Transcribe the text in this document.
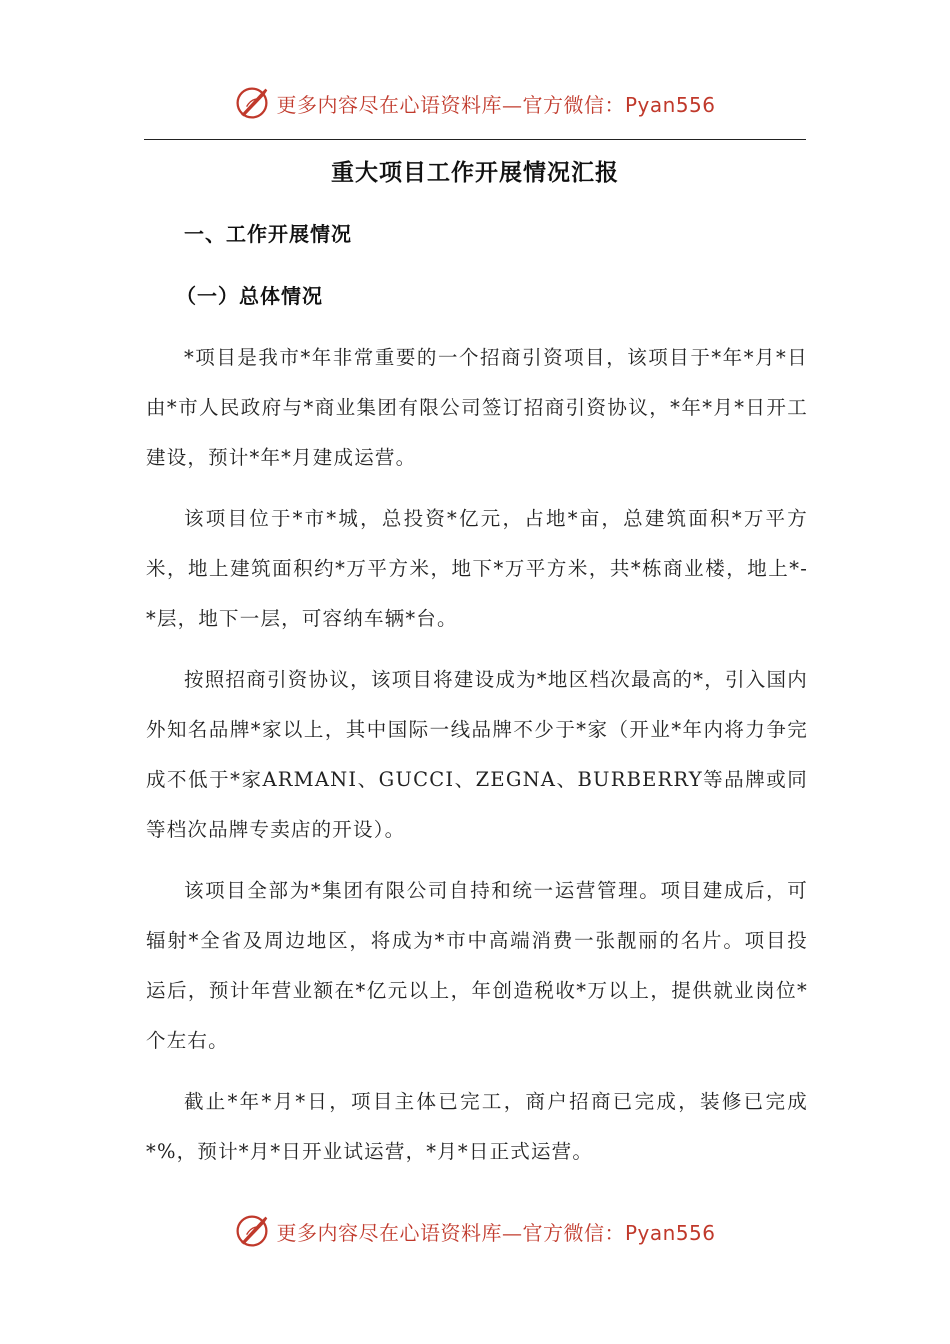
更多内容尽在心语资料库—官方微信：Pyan556
重大项目工作开展情况汇报
一、工作开展情况
（一）总体情况

*项目是我市*年非常重要的一个招商引资项目，该项目于*年*月*日由*市人民政府与*商业集团有限公司签订招商引资协议，*年*月*日开工建设，预计*年*月建成运营。

该项目位于*市*城，总投资*亿元，占地*亩，总建筑面积*万平方米，地上建筑面积约*万平方米，地下*万平方米，共*栋商业楼，地上*-*层，地下一层，可容纳车辆*台。

按照招商引资协议，该项目将建设成为*地区档次最高的*，引入国内外知名品牌*家以上，其中国际一线品牌不少于*家（开业*年内将力争完成不低于*家ARMANI、GUCCI、ZEGNA、BURBERRY等品牌或同等档次品牌专卖店的开设）。

该项目全部为*集团有限公司自持和统一运营管理。项目建成后，可辐射*全省及周边地区，将成为*市中高端消费一张靓丽的名片。项目投运后，预计年营业额在*亿元以上，年创造税收*万以上，提供就业岗位*个左右。

截止*年*月*日，项目主体已完工，商户招商已完成，装修已完成*%，预计*月*日开业试运营，*月*日正式运营。

更多内容尽在心语资料库—官方微信：Pyan556
